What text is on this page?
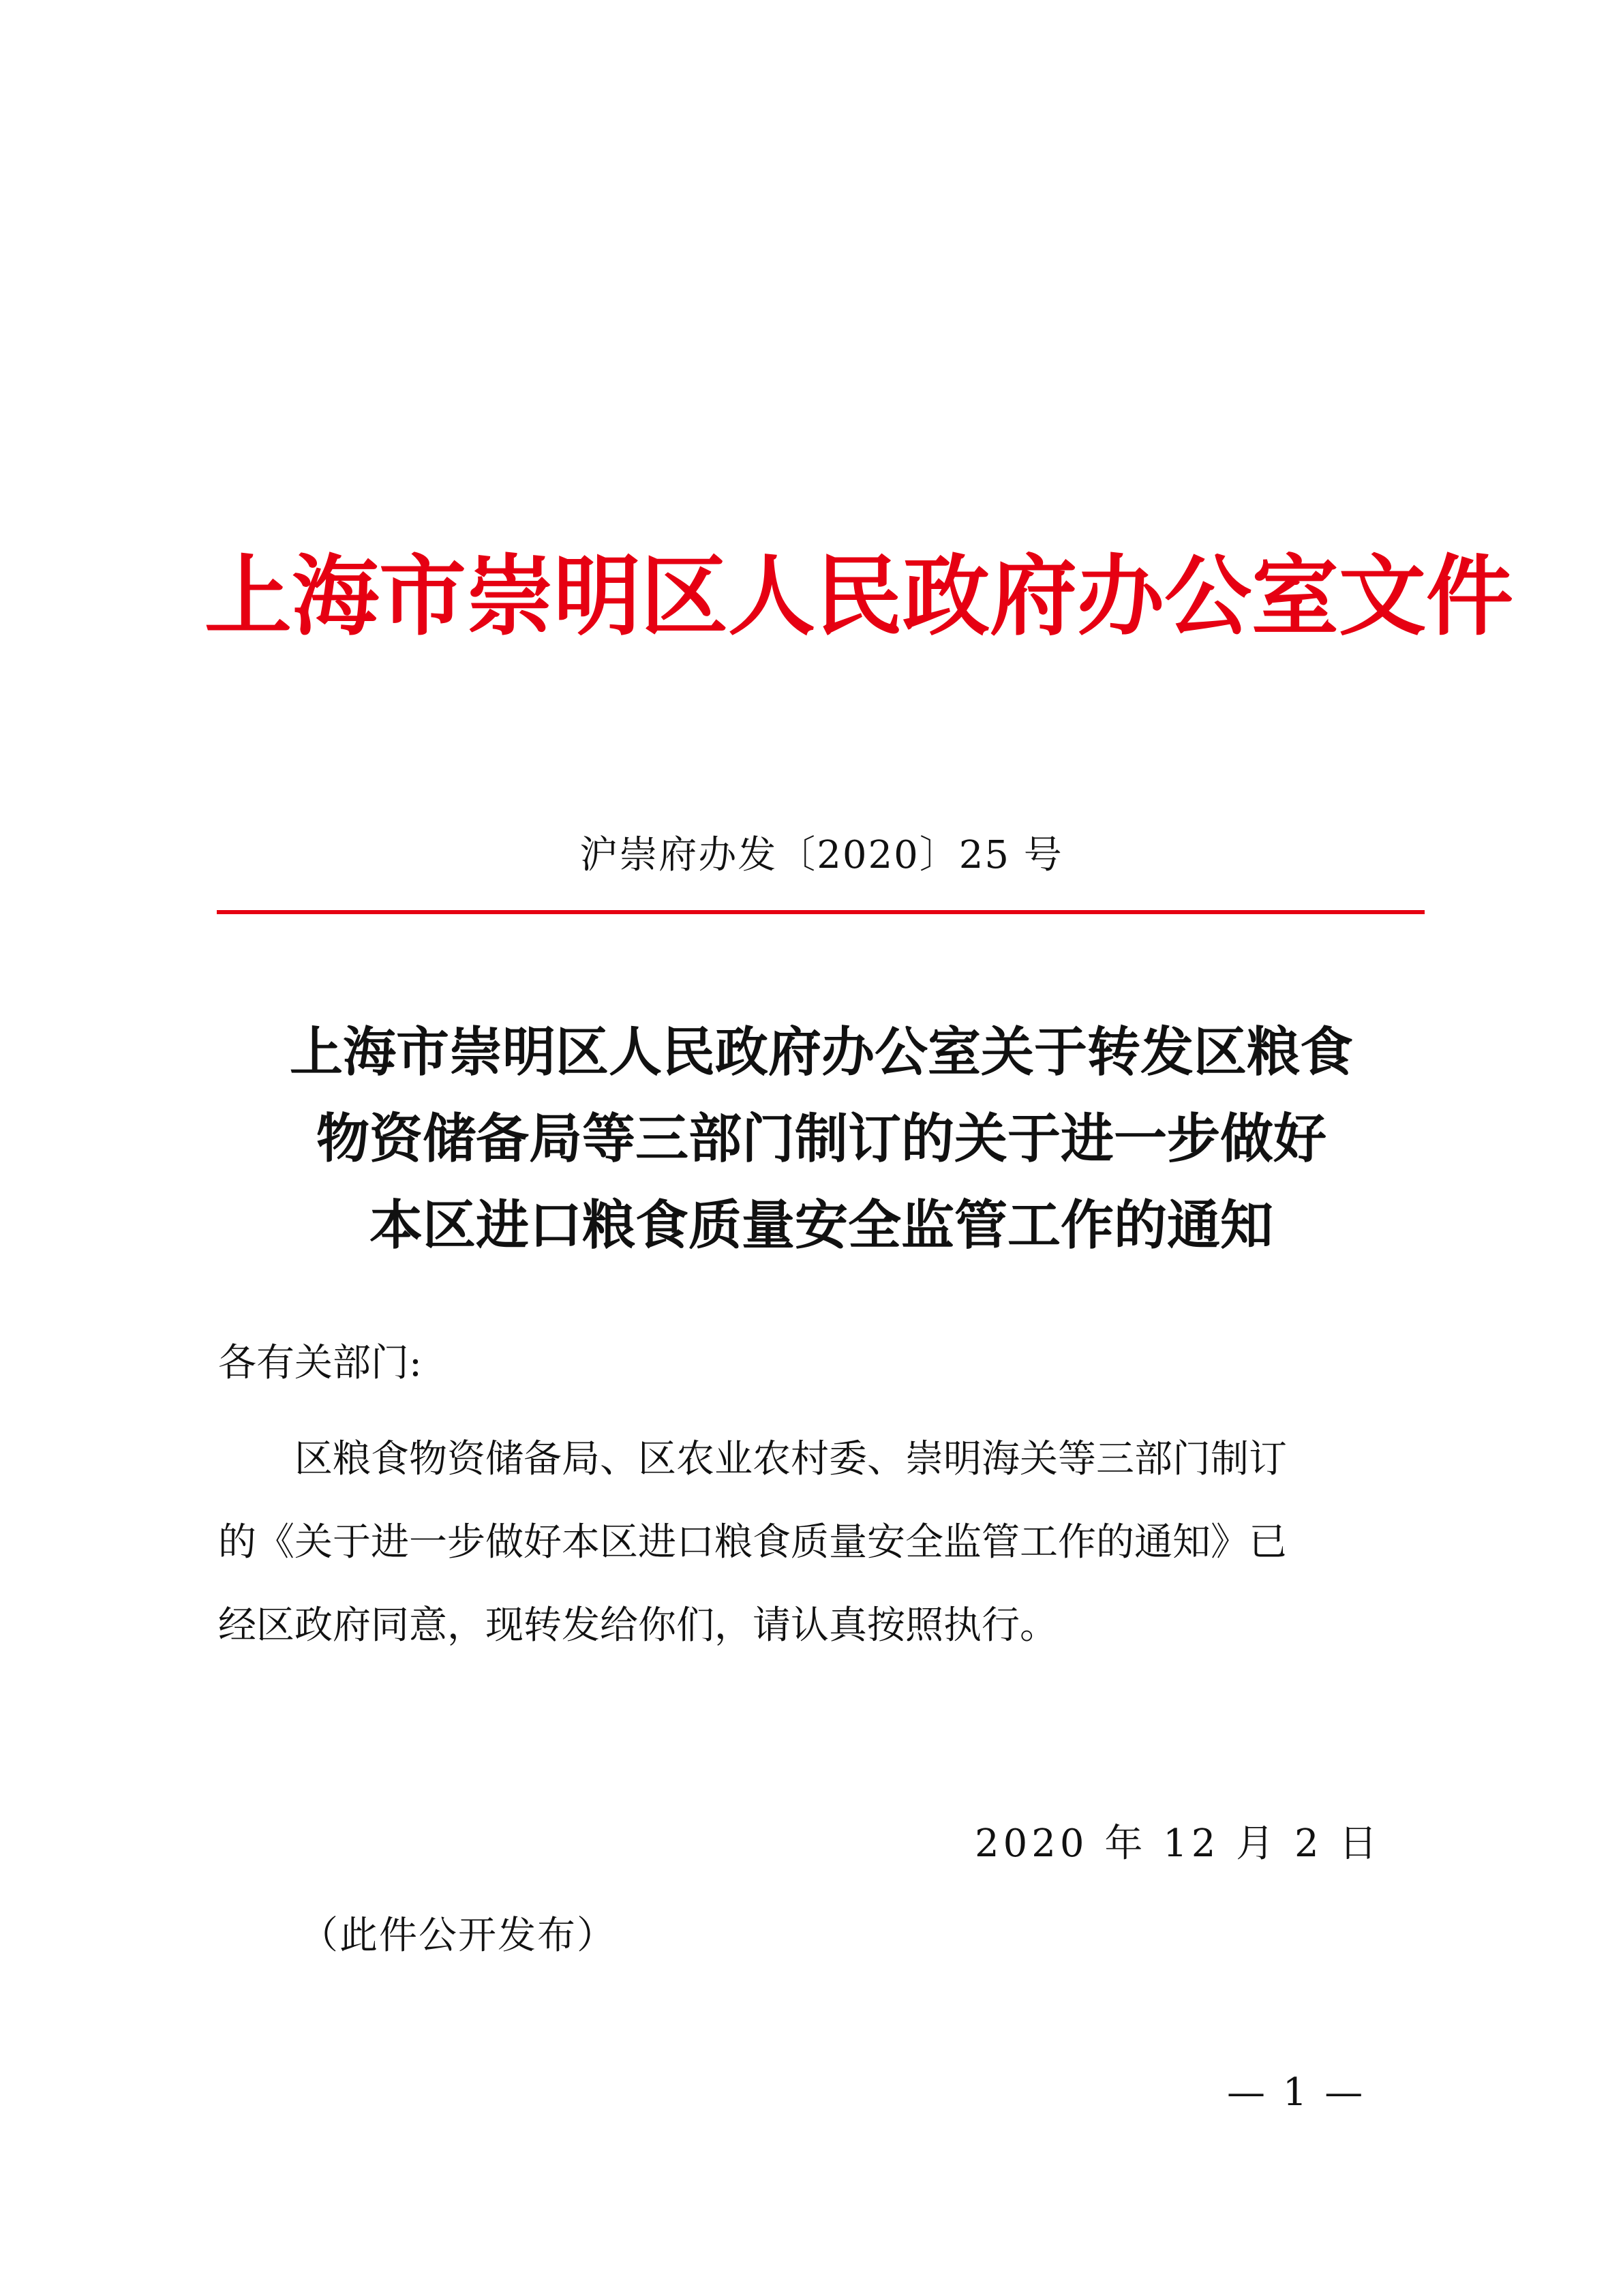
上海市崇明区人民政府办公室文件
沪崇府办发〔2020〕25 号
上海市崇明区人民政府办公室关于转发区粮食
物资储备局等三部门制订的关于进一步做好
本区进口粮食质量安全监管工作的通知
各有关部门:
　　区粮食物资储备局、区农业农村委、崇明海关等三部门制订
的《关于进一步做好本区进口粮食质量安全监管工作的通知》已
经区政府同意，现转发给你们，请认真按照执行。
2020 年 12 月 2 日
（此件公开发布）
— 1 —
